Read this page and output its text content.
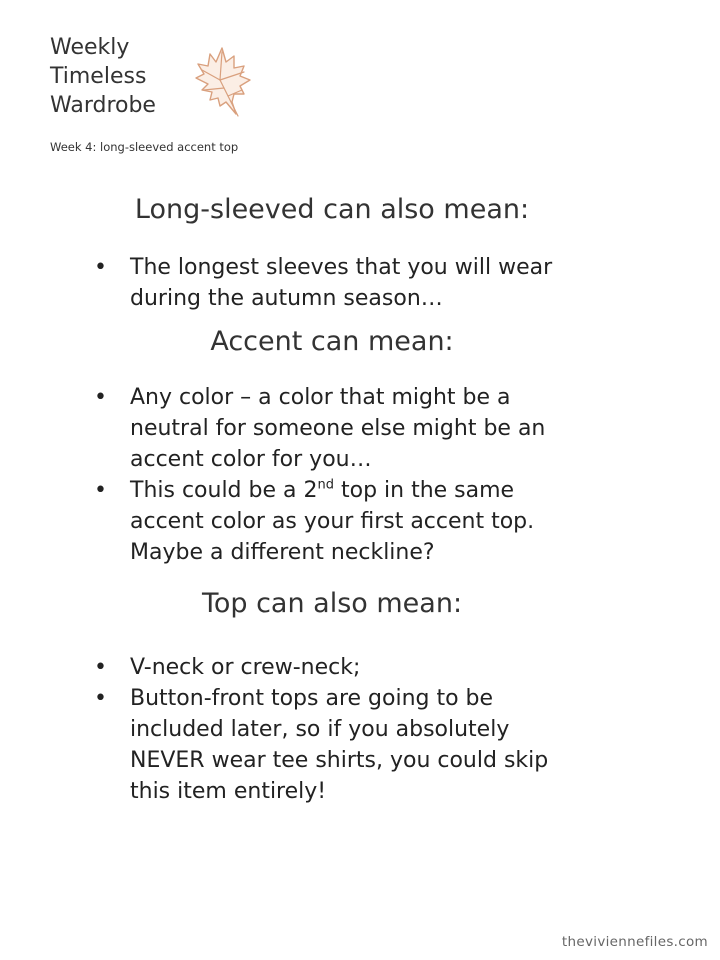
Weekly
Timeless
Wardrobe
Week 4: long-sleeved accent top
Long-sleeved can also mean:
• The longest sleeves that you will wear
during the autumn season…
Accent can mean:
• Any color – a color that might be a
neutral for someone else might be an
accent color for you…
• This could be a 2nd top in the same
accent color as your first accent top.
Maybe a different neckline?
Top can also mean:
• V-neck or crew-neck;
• Button-front tops are going to be
included later, so if you absolutely
NEVER wear tee shirts, you could skip
this item entirely!
theviviennefiles.com
